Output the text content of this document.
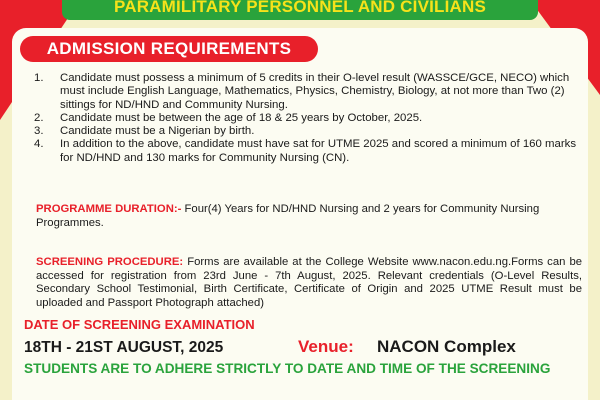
PARAMILITARY PERSONNEL AND CIVILIANS
ADMISSION REQUIREMENTS
1.	Candidate must possess a minimum of 5 credits in their O-level result (WASSCE/GCE, NECO) which must include English Language, Mathematics, Physics, Chemistry, Biology, at not more than Two (2) sittings for ND/HND and Community Nursing.
2.	Candidate must be between the age of 18 & 25 years by October, 2025.
3.	Candidate must be a Nigerian by birth.
4.	In addition to the above, candidate must have sat for UTME 2025 and scored a minimum of 160 marks for ND/HND and 130 marks for Community Nursing (CN).
PROGRAMME DURATION:- Four(4) Years for ND/HND Nursing and 2 years for Community Nursing Programmes.
SCREENING PROCEDURE: Forms are available at the College Website www.nacon.edu.ng.Forms can be accessed for registration from 23rd June - 7th August, 2025. Relevant credentials (O-Level Results, Secondary School Testimonial, Birth Certificate, Certificate of Origin and 2025 UTME Result must be uploaded and Passport Photograph attached)
DATE OF SCREENING EXAMINATION
18TH - 21ST AUGUST, 2025	Venue: NACON Complex
STUDENTS ARE TO ADHERE STRICTLY TO DATE AND TIME OF THE SCREENING
